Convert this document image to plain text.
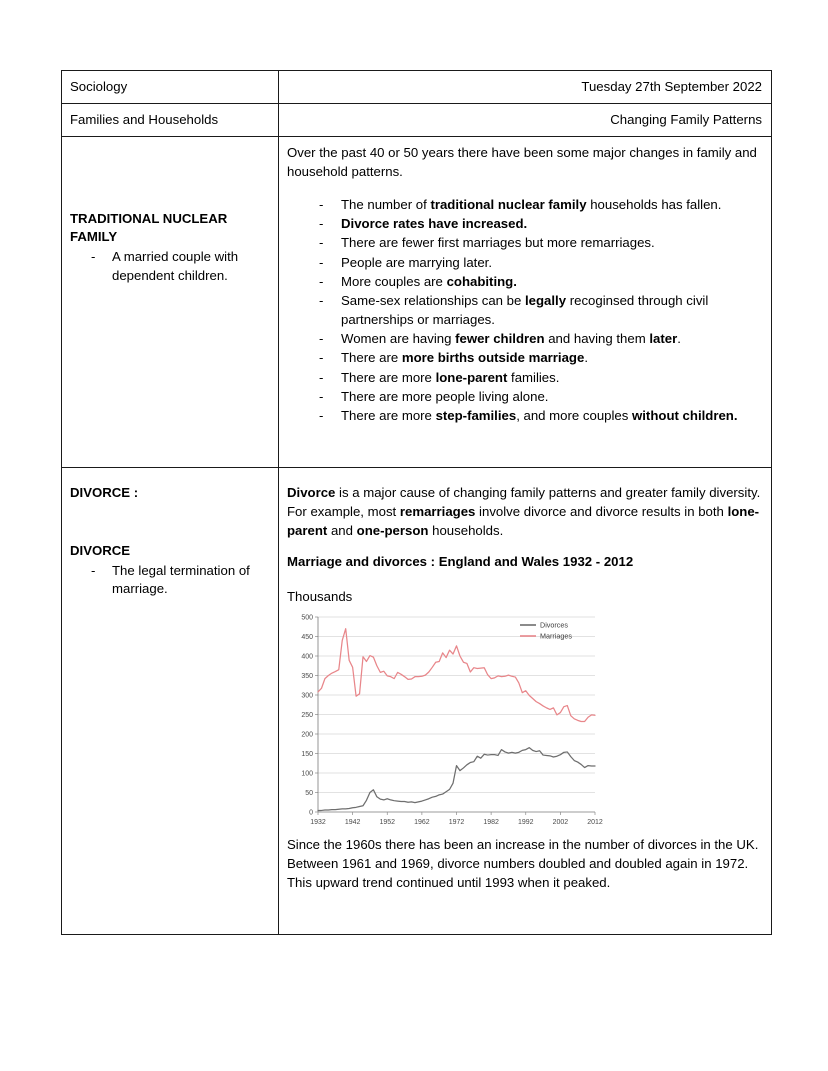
Sociology	Tuesday 27th September 2022
Families and Households	Changing Family Patterns

TRADITIONAL NUCLEAR FAMILY
- A married couple with dependent children.

Over the past 40 or 50 years there have been some major changes in family and household patterns.

- The number of traditional nuclear family households has fallen.
- Divorce rates have increased.
- There are fewer first marriages but more remarriages.
- People are marrying later.
- More couples are cohabiting.
- Same-sex relationships can be legally recoginsed through civil partnerships or marriages.
- Women are having fewer children and having them later.
- There are more births outside marriage.
- There are more lone-parent families.
- There are more people living alone.
- There are more step-families, and more couples without children.

DIVORCE :
DIVORCE
- The legal termination of marriage.

Divorce is a major cause of changing family patterns and greater family diversity. For example, most remarriages involve divorce and divorce results in both lone-parent and one-person households.

Marriage and divorces : England and Wales 1932 - 2012

Thousands
0
50
100
150
200
250
300
350
400
450
500
1932	1942	1952	1962	1972	1982	1992	2002	2012
Divorces
Marriages

Since the 1960s there has been an increase in the number of divorces in the UK. Between 1961 and 1969, divorce numbers doubled and doubled again in 1972. This upward trend continued until 1993 when it peaked.
